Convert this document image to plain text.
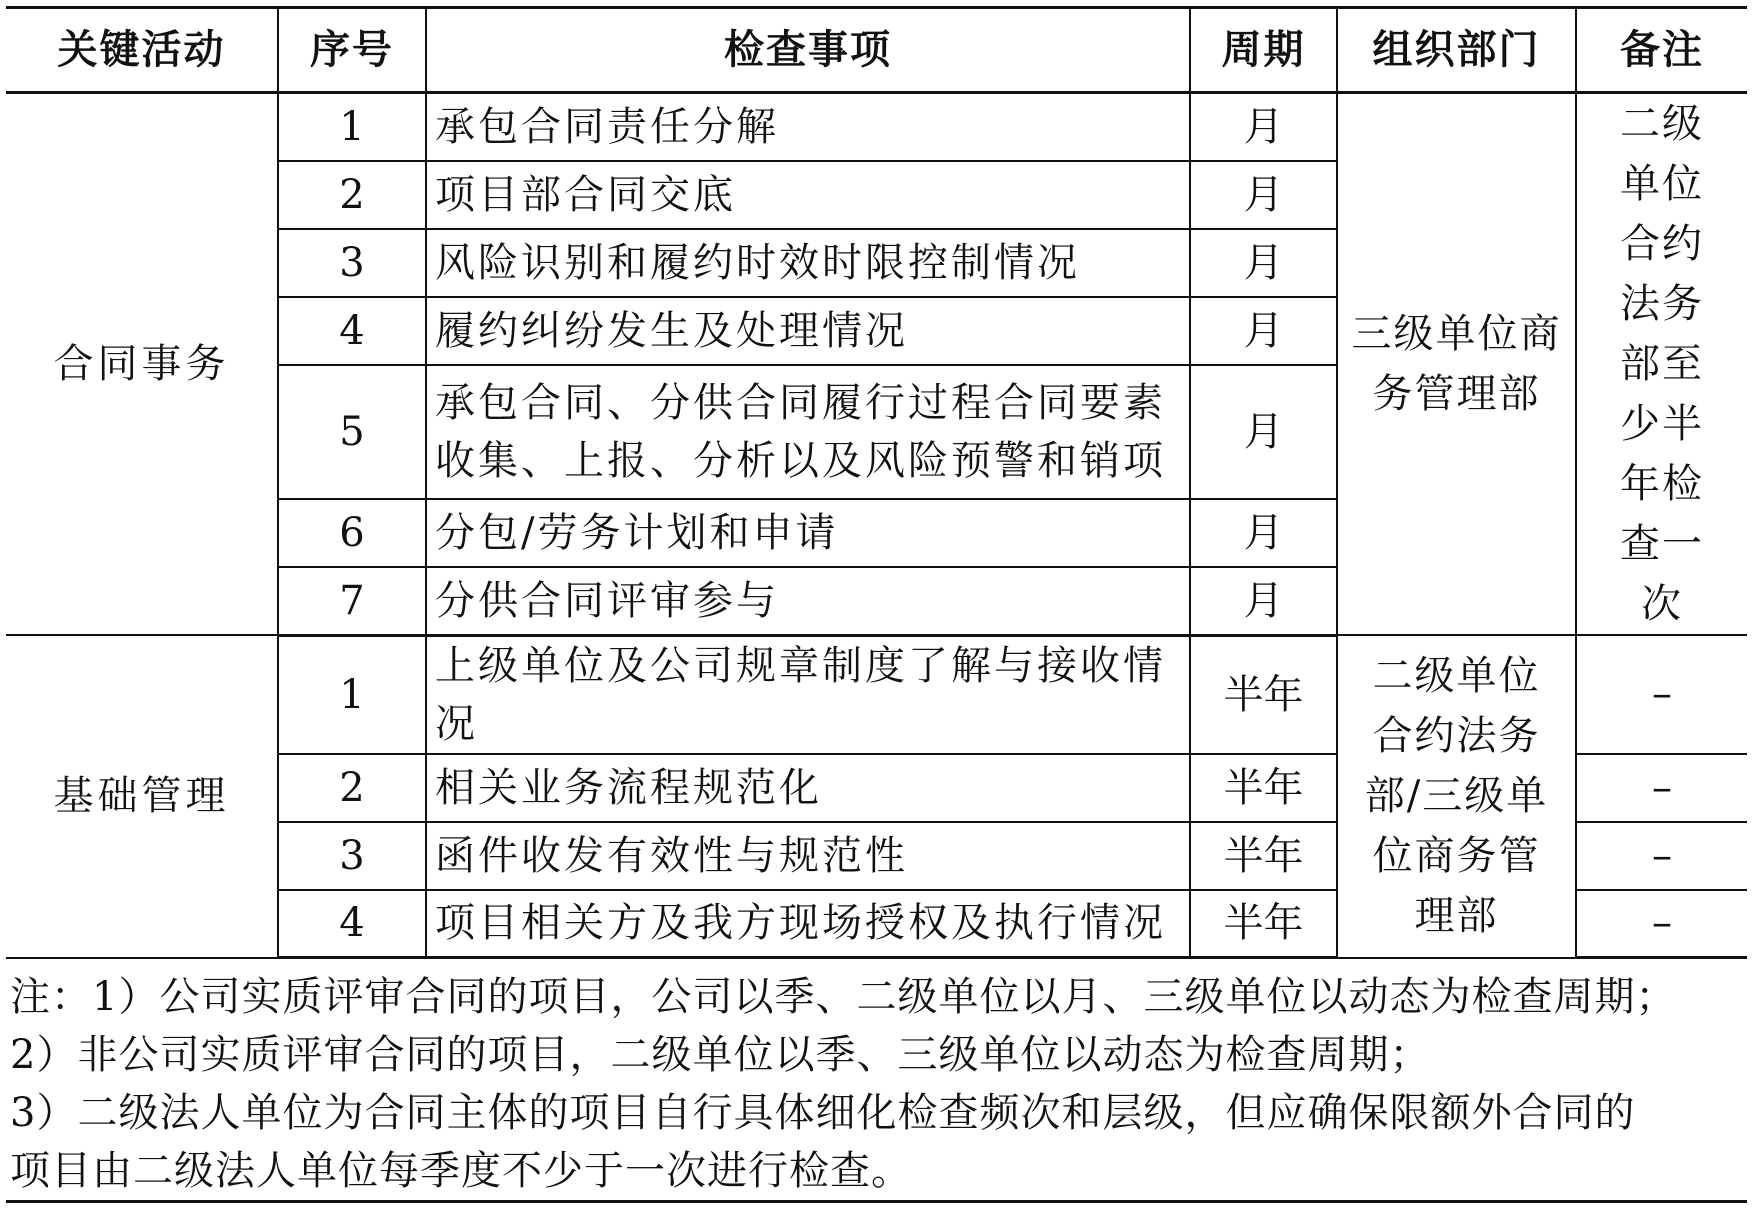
关键活动	序号	检查事项	周期	组织部门	备注
合同事务	1	承包合同责任分解	月	三级单位商务管理部	二级单位合约法务部至少半年检查一次

	2	项目部合同交底	月		
	3	风险识别和履约时效时限控制情况	月		
	4	履约纠纷发生及处理情况	月		
	5	承包合同、分供合同履行过程合同要素收集、上报、分析以及风险预警和销项	月		
	6	分包/劳务计划和申请	月		
	7	分供合同评审参与	月		
基础管理	1	上级单位及公司规章制度了解与接收情况	半年	二级单位合约法务部/三级单位商务管理部	–
	2	相关业务流程规范化	半年		–
	3	函件收发有效性与规范性	半年		–
	4	项目相关方及我方现场授权及执行情况	半年		–
注：1）公司实质评审合同的项目，公司以季、二级单位以月、三级单位以动态为检查周期；
2）非公司实质评审合同的项目，二级单位以季、三级单位以动态为检查周期；
3）二级法人单位为合同主体的项目自行具体细化检查频次和层级，但应确保限额外合同的
项目由二级法人单位每季度不少于一次进行检查。
